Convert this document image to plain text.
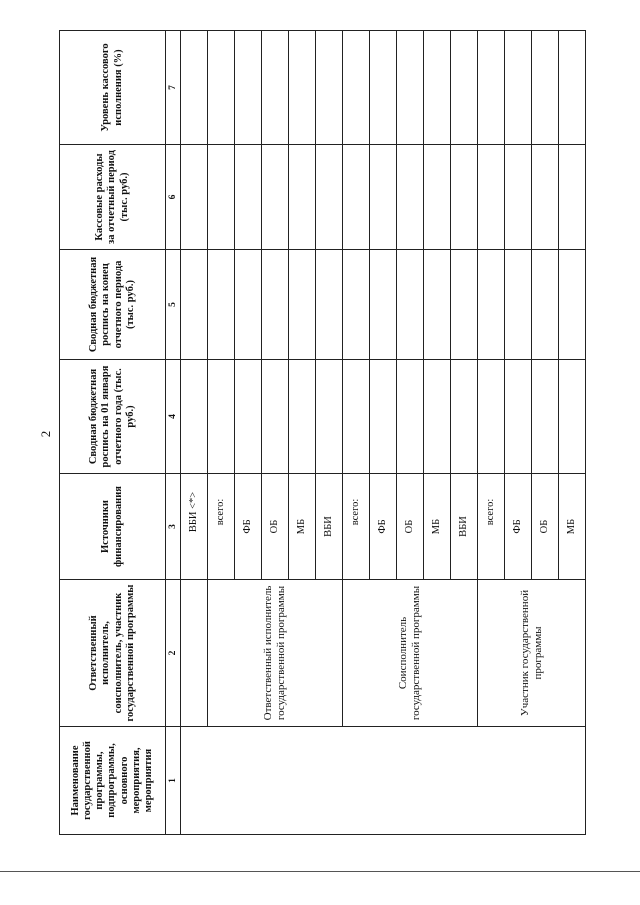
2
Наименование государственной программы, подпрограммы, основного мероприятия, мероприятия	Ответственный исполнитель, соисполнитель, участник государственной программы	Источники финансирования	Сводная бюджетная роспись на 01 января отчетного года (тыс. руб.)	Сводная бюджетная роспись на конец отчетного периода (тыс. руб.)	Кассовые расходы за отчетный период (тыс. руб.)	Уровень кассового исполнения (%)
1	2	3	4	5	6	7
		ВБИ <*>				
	Ответственный исполнитель государственной программы	всего:				
		ФБ				
		ОБ				
		МБ				
		ВБИ				
	Соисполнитель государственной программы	всего:				
		ФБ				
		ОБ				
		МБ				
		ВБИ				
	Участник государственной программы	всего:				
		ФБ				
		ОБ				
		МБ				
